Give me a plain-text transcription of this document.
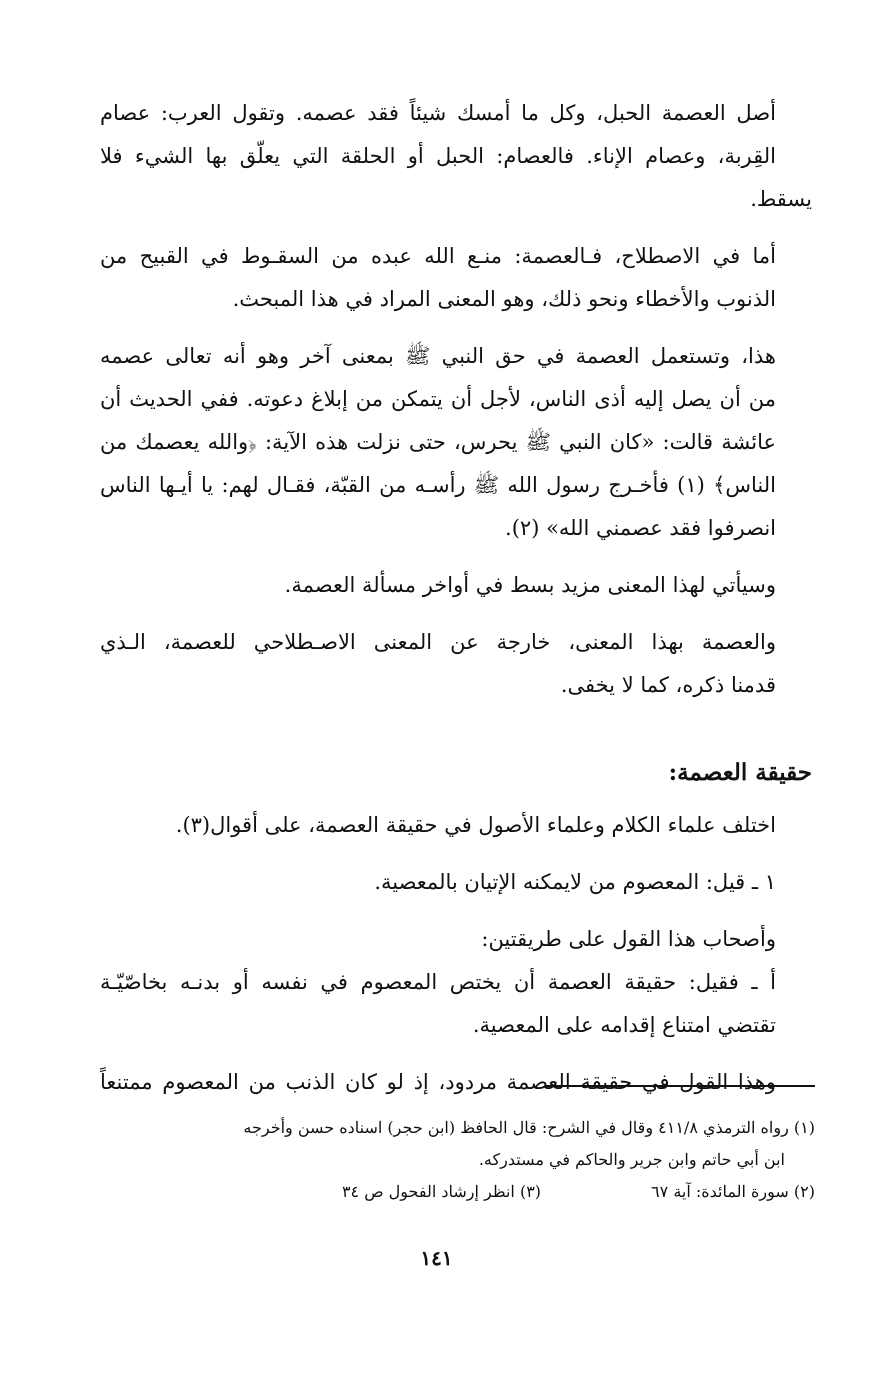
أصل العصمة الحبل، وكل ما أمسك شيئاً فقد عصمه. وتقول العرب: عصام
القِربة، وعصام الإناء. فالعصام: الحبل أو الحلقة التي يعلّق بها الشيء فلا يسقط.

أما في الاصطلاح، فـالعصمة: منـع الله عبده من السقـوط في القبيح من
الذنوب والأخطاء ونحو ذلك، وهو المعنى المراد في هذا المبحث.

هذا، وتستعمل العصمة في حق النبي ﷺ بمعنى آخر وهو أنه تعالى عصمه
من أن يصل إليه أذى الناس، لأجل أن يتمكن من إبلاغ دعوته. ففي الحديث أن
عائشة قالت: «كان النبي ﷺ يحرس، حتى نزلت هذه الآية: ﴿والله يعصمك من
الناس﴾ (١) فأخـرج رسول الله ﷺ رأسـه من القبّة، فقـال لهم: يا أيـها الناس
انصرفوا فقد عصمني الله» (٢).

وسيأتي لهذا المعنى مزيد بسط في أواخر مسألة العصمة.

والعصمة بهذا المعنى، خارجة عن المعنى الاصـطلاحي للعصمة، الـذي
قدمنا ذكره، كما لا يخفى.

حقيقة العصمة:

اختلف علماء الكلام وعلماء الأصول في حقيقة العصمة، على أقوال(٣).

١ ـ قيل: المعصوم من لايمكنه الإتيان بالمعصية.

وأصحاب هذا القول على طريقتين:

أ ـ فقيل: حقيقة العصمة أن يختص المعصوم في نفسه أو بدنـه بخاصّيّـة
تقتضي امتناع إقدامه على المعصية.

وهذا القول في حقيقة العصمة مردود، إذ لو كان الذنب من المعصوم ممتنعاً

(١) رواه الترمذي ٤١١/٨ وقال في الشرح: قال الحافظ (ابن حجر) اسناده حسن وأخرجه
ابن أبي حاتم وابن جرير والحاكم في مستدركه.
(٢) سورة المائدة: آية ٦٧
(٣) انظر إرشاد الفحول ص ٣٤
١٤١
